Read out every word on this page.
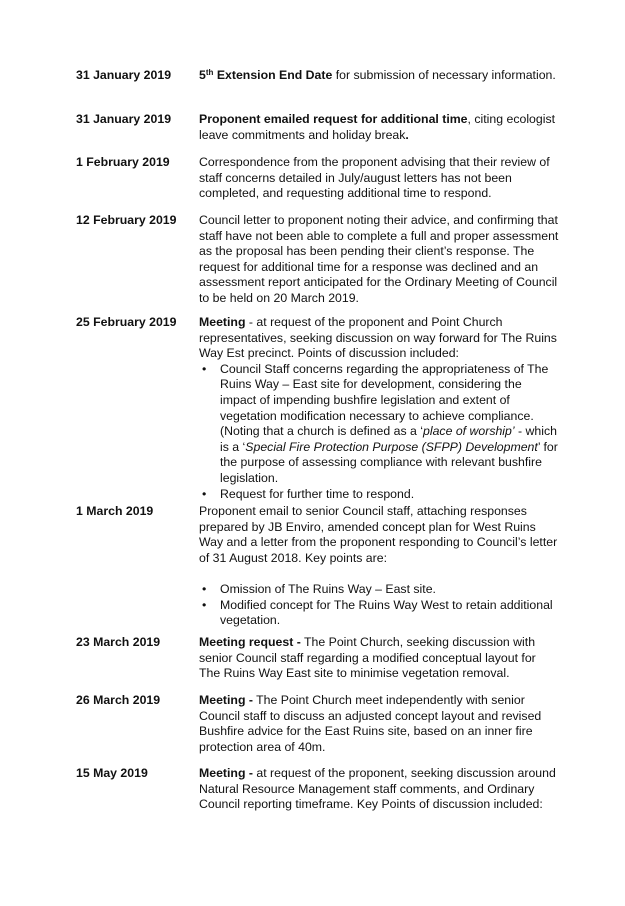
31 January 2019	5th Extension End Date for submission of necessary information.

31 January 2019	Proponent emailed request for additional time, citing ecologist leave commitments and holiday break.

1 February 2019	Correspondence from the proponent advising that their review of staff concerns detailed in July/august letters has not been completed, and requesting additional time to respond.

12 February 2019	Council letter to proponent noting their advice, and confirming that staff have not been able to complete a full and proper assessment as the proposal has been pending their client’s response. The request for additional time for a response was declined and an assessment report anticipated for the Ordinary Meeting of Council to be held on 20 March 2019.

25 February 2019	Meeting - at request of the proponent and Point Church representatives, seeking discussion on way forward for The Ruins Way Est precinct. Points of discussion included:

• Council Staff concerns regarding the appropriateness of The Ruins Way – East site for development, considering the impact of impending bushfire legislation and extent of vegetation modification necessary to achieve compliance. (Noting that a church is defined as a ‘place of worship’ - which is a ‘Special Fire Protection Purpose (SFPP) Development’ for the purpose of assessing compliance with relevant bushfire legislation.
• Request for further time to respond.
1 March 2019	Proponent email to senior Council staff, attaching responses prepared by JB Enviro, amended concept plan for West Ruins Way and a letter from the proponent responding to Council’s letter of 31 August 2018. Key points are:

• Omission of The Ruins Way – East site.
• Modified concept for The Ruins Way West to retain additional vegetation.
23 March 2019	Meeting request - The Point Church, seeking discussion with senior Council staff regarding a modified conceptual layout for The Ruins Way East site to minimise vegetation removal.

26 March 2019	Meeting - The Point Church meet independently with senior Council staff to discuss an adjusted concept layout and revised Bushfire advice for the East Ruins site, based on an inner fire protection area of 40m.

15 May 2019	Meeting - at request of the proponent, seeking discussion around Natural Resource Management staff comments, and Ordinary Council reporting timeframe. Key Points of discussion included:
